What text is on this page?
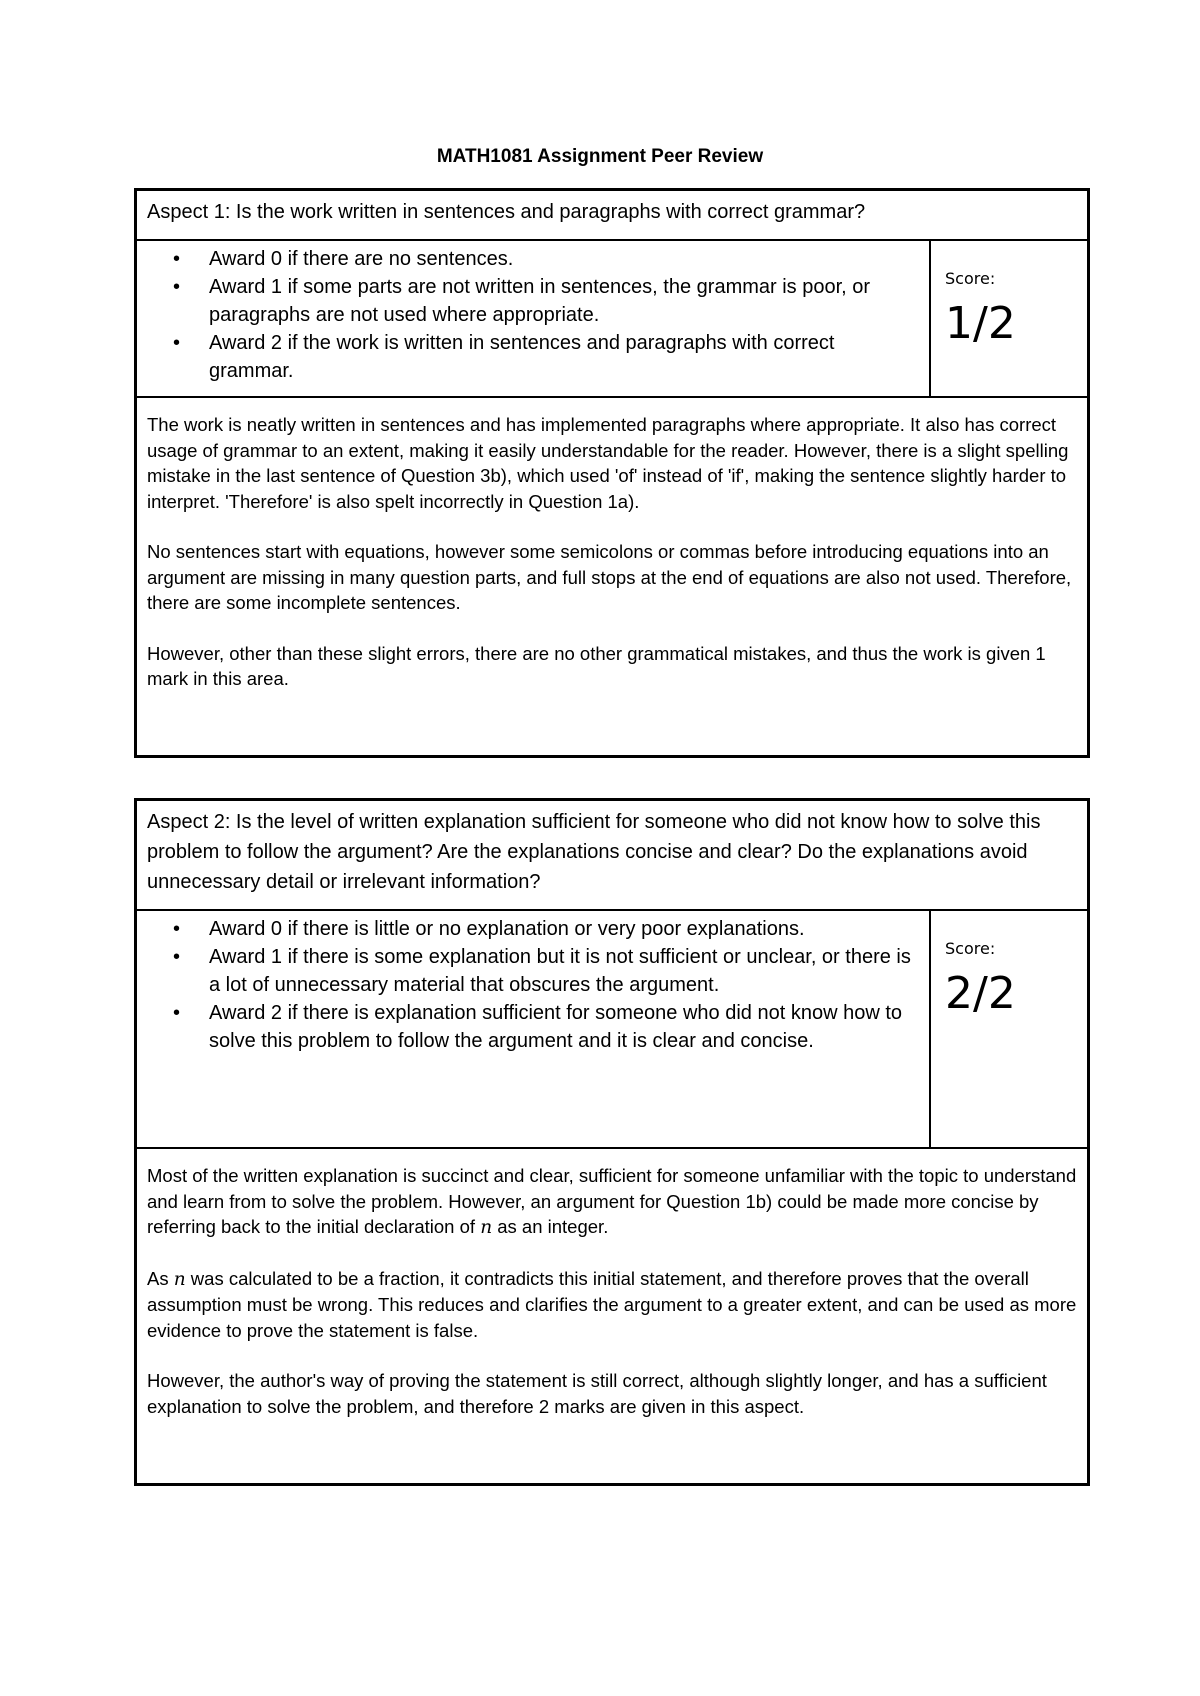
MATH1081 Assignment Peer Review
Aspect 1: Is the work written in sentences and paragraphs with correct grammar?
• Award 0 if there are no sentences.
• Award 1 if some parts are not written in sentences, the grammar is poor, or paragraphs are not used where appropriate.
• Award 2 if the work is written in sentences and paragraphs with correct grammar.
Score:
1/2

The work is neatly written in sentences and has implemented paragraphs where appropriate. It also has correct usage of grammar to an extent, making it easily understandable for the reader. However, there is a slight spelling mistake in the last sentence of Question 3b), which used 'of' instead of 'if', making the sentence slightly harder to interpret. 'Therefore' is also spelt incorrectly in Question 1a).

No sentences start with equations, however some semicolons or commas before introducing equations into an argument are missing in many question parts, and full stops at the end of equations are also not used. Therefore, there are some incomplete sentences.

However, other than these slight errors, there are no other grammatical mistakes, and thus the work is given 1 mark in this area.

Aspect 2: Is the level of written explanation sufficient for someone who did not know how to solve this problem to follow the argument? Are the explanations concise and clear? Do the explanations avoid unnecessary detail or irrelevant information?
• Award 0 if there is little or no explanation or very poor explanations.
• Award 1 if there is some explanation but it is not sufficient or unclear, or there is a lot of unnecessary material that obscures the argument.
• Award 2 if there is explanation sufficient for someone who did not know how to solve this problem to follow the argument and it is clear and concise.
Score:
2/2

Most of the written explanation is succinct and clear, sufficient for someone unfamiliar with the topic to understand and learn from to solve the problem. However, an argument for Question 1b) could be made more concise by referring back to the initial declaration of n as an integer.

As n was calculated to be a fraction, it contradicts this initial statement, and therefore proves that the overall assumption must be wrong. This reduces and clarifies the argument to a greater extent, and can be used as more evidence to prove the statement is false.

However, the author's way of proving the statement is still correct, although slightly longer, and has a sufficient explanation to solve the problem, and therefore 2 marks are given in this aspect.
